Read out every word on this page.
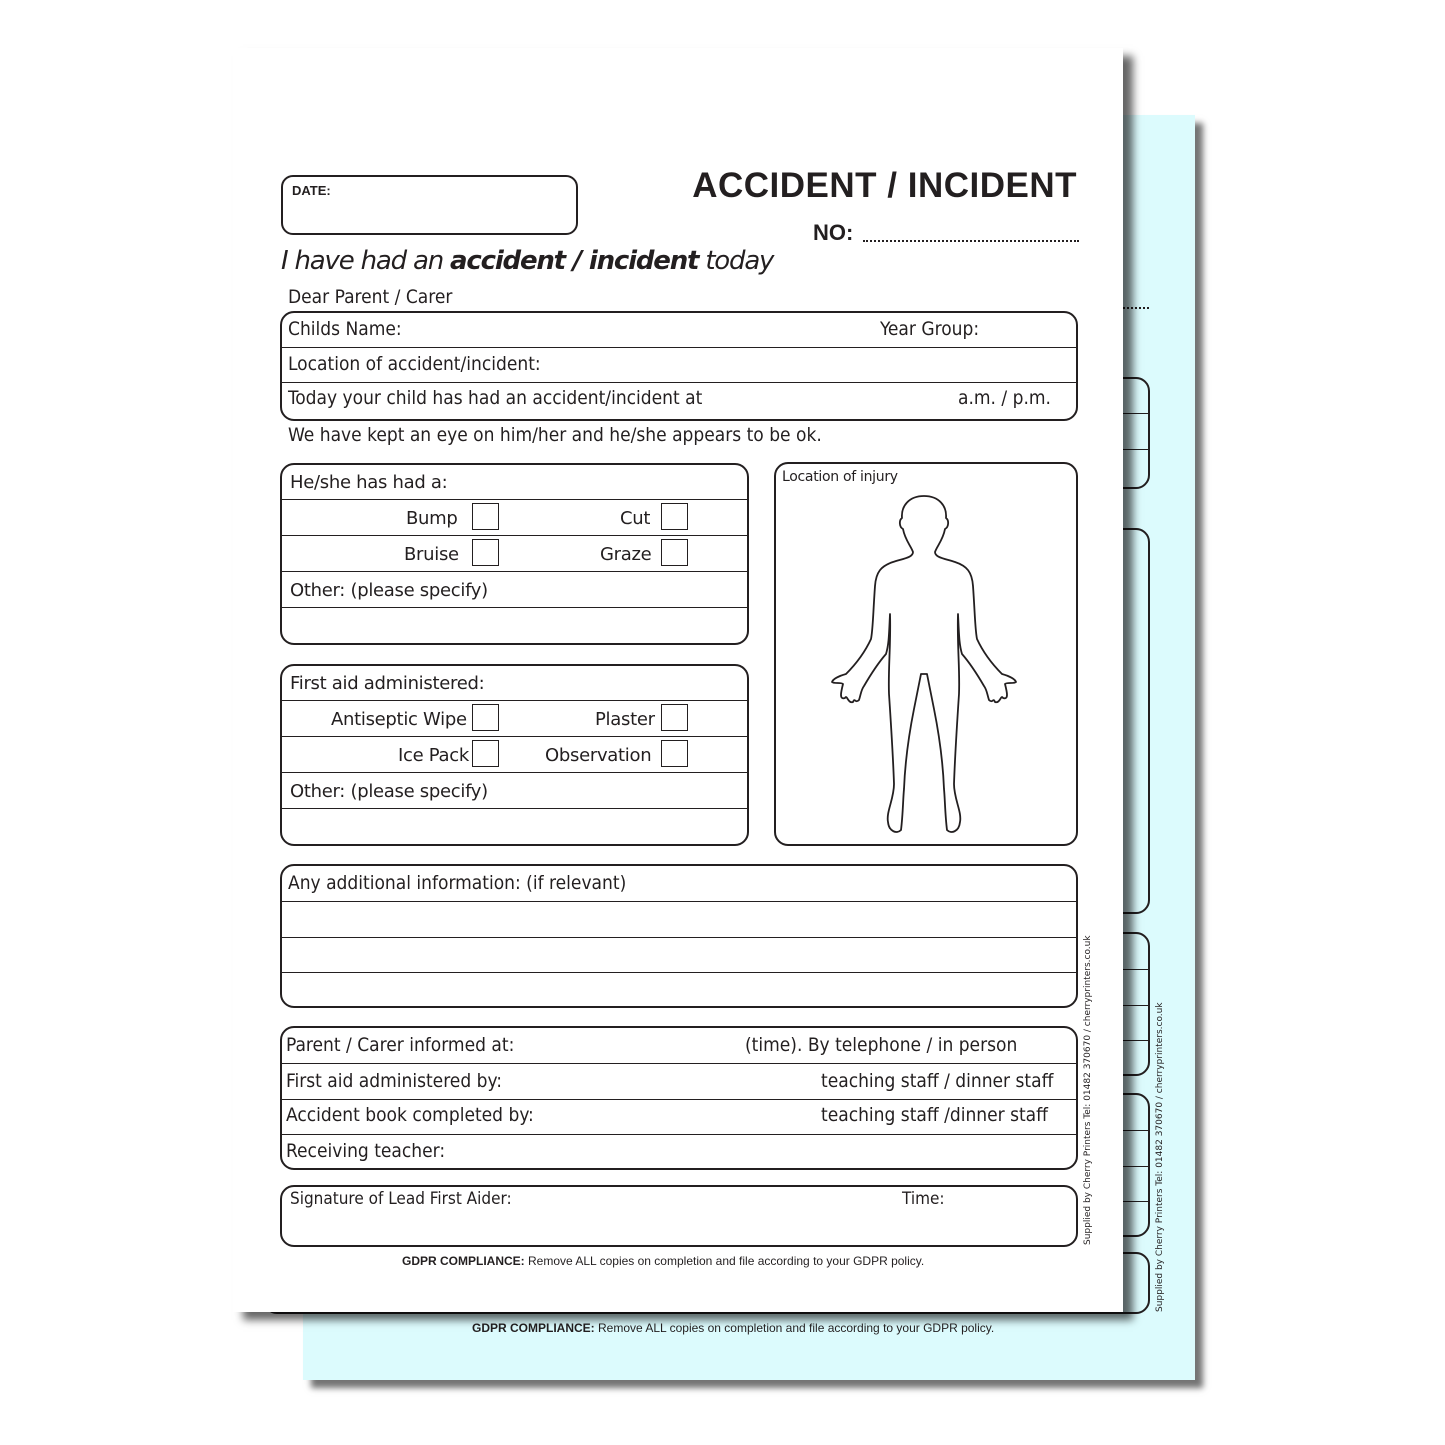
GDPR COMPLIANCE: Remove ALL copies on completion and file according to your GDPR policy.
Supplied by Cherry Printers Tel: 01482 370670 / cherryprinters.co.uk
DATE:	ACCIDENT / INCIDENT
NO:
I have had an accident / incident today
Dear Parent / Carer
Childs Name:	Year Group:
Location of accident/incident:
Today your child has had an accident/incident at	a.m. / p.m.
We have kept an eye on him/her and he/she appears to be ok.
He/she has had a:
Bump	Cut
Bruise	Graze
Other: (please specify)
First aid administered:
Antiseptic Wipe	Plaster
Ice Pack	Observation
Other: (please specify)
Location of injury
Any additional information: (if relevant)
Parent / Carer informed at:	(time). By telephone / in person
First aid administered by:	teaching staff / dinner staff
Accident book completed by:	teaching staff /dinner staff
Receiving teacher:
Signature of Lead First Aider:	Time:
GDPR COMPLIANCE: Remove ALL copies on completion and file according to your GDPR policy.
Supplied by Cherry Printers Tel: 01482 370670 / cherryprinters.co.uk
